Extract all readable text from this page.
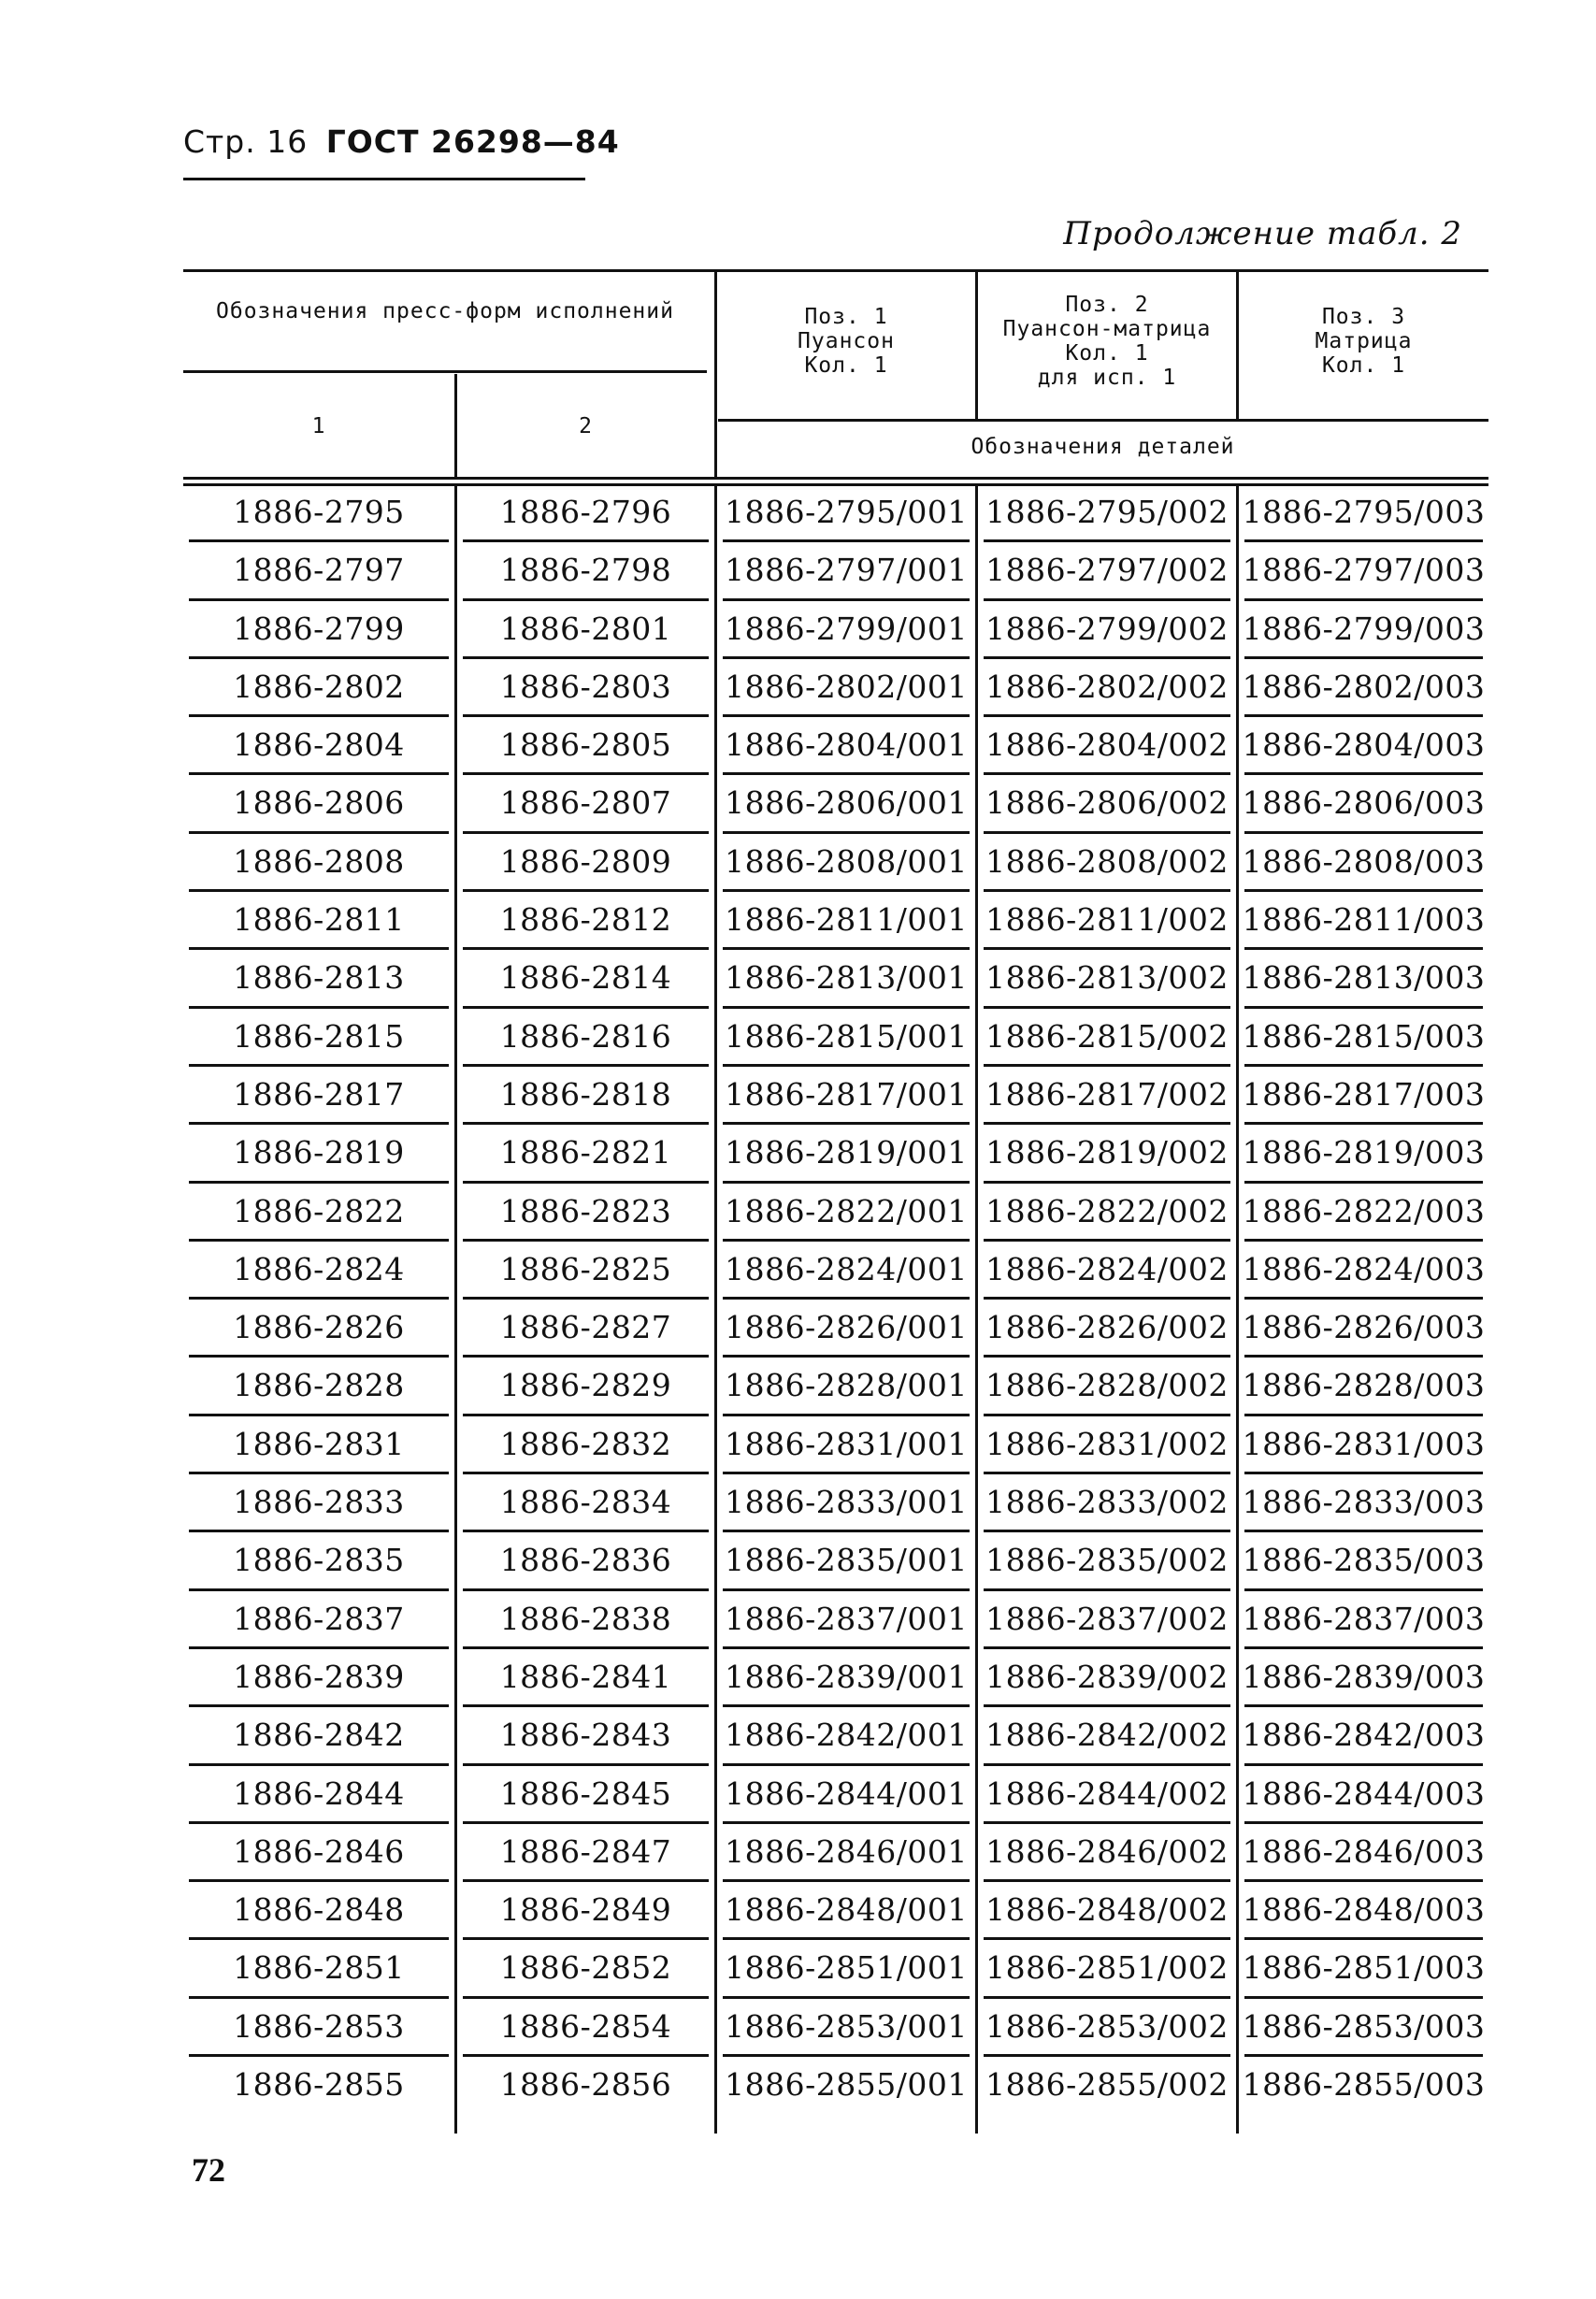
Стр. 16 ГОСТ 26298—84
Продолжение табл. 2
Обозначения пресс-форм исполнений
1	2
Поз. 1
Пуансон
Кол. 1
Поз. 2
Пуансон-матрица
Кол. 1
для исп. 1
Поз. 3
Матрица
Кол. 1
Обозначения деталей
1886-2795	1886-2796	1886-2795/001 1886-2795/002 1886-2795/003
1886-2797	1886-2798	1886-2797/001 1886-2797/002 1886-2797/003
1886-2799	1886-2801	1886-2799/001 1886-2799/002 1886-2799/003
1886-2802	1886-2803	1886-2802/001 1886-2802/002 1886-2802/003
1886-2804	1886-2805	1886-2804/001 1886-2804/002 1886-2804/003
1886-2806	1886-2807	1886-2806/001 1886-2806/002 1886-2806/003
1886-2808	1886-2809	1886-2808/001 1886-2808/002 1886-2808/003
1886-2811	1886-2812	1886-2811/001 1886-2811/002 1886-2811/003
1886-2813	1886-2814	1886-2813/001 1886-2813/002 1886-2813/003
1886-2815	1886-2816	1886-2815/001 1886-2815/002 1886-2815/003
1886-2817	1886-2818	1886-2817/001 1886-2817/002 1886-2817/003
1886-2819	1886-2821	1886-2819/001 1886-2819/002 1886-2819/003
1886-2822	1886-2823	1886-2822/001 1886-2822/002 1886-2822/003
1886-2824	1886-2825	1886-2824/001 1886-2824/002 1886-2824/003
1886-2826	1886-2827	1886-2826/001 1886-2826/002 1886-2826/003
1886-2828	1886-2829	1886-2828/001 1886-2828/002 1886-2828/003
1886-2831	1886-2832	1886-2831/001 1886-2831/002 1886-2831/003
1886-2833	1886-2834	1886-2833/001 1886-2833/002 1886-2833/003
1886-2835	1886-2836	1886-2835/001 1886-2835/002 1886-2835/003
1886-2837	1886-2838	1886-2837/001 1886-2837/002 1886-2837/003
1886-2839	1886-2841	1886-2839/001 1886-2839/002 1886-2839/003
1886-2842	1886-2843	1886-2842/001 1886-2842/002 1886-2842/003
1886-2844	1886-2845	1886-2844/001 1886-2844/002 1886-2844/003
1886-2846	1886-2847	1886-2846/001 1886-2846/002 1886-2846/003
1886-2848	1886-2849	1886-2848/001 1886-2848/002 1886-2848/003
1886-2851	1886-2852	1886-2851/001 1886-2851/002 1886-2851/003
1886-2853	1886-2854	1886-2853/001 1886-2853/002 1886-2853/003
1886-2855	1886-2856	1886-2855/001 1886-2855/002 1886-2855/003
72
